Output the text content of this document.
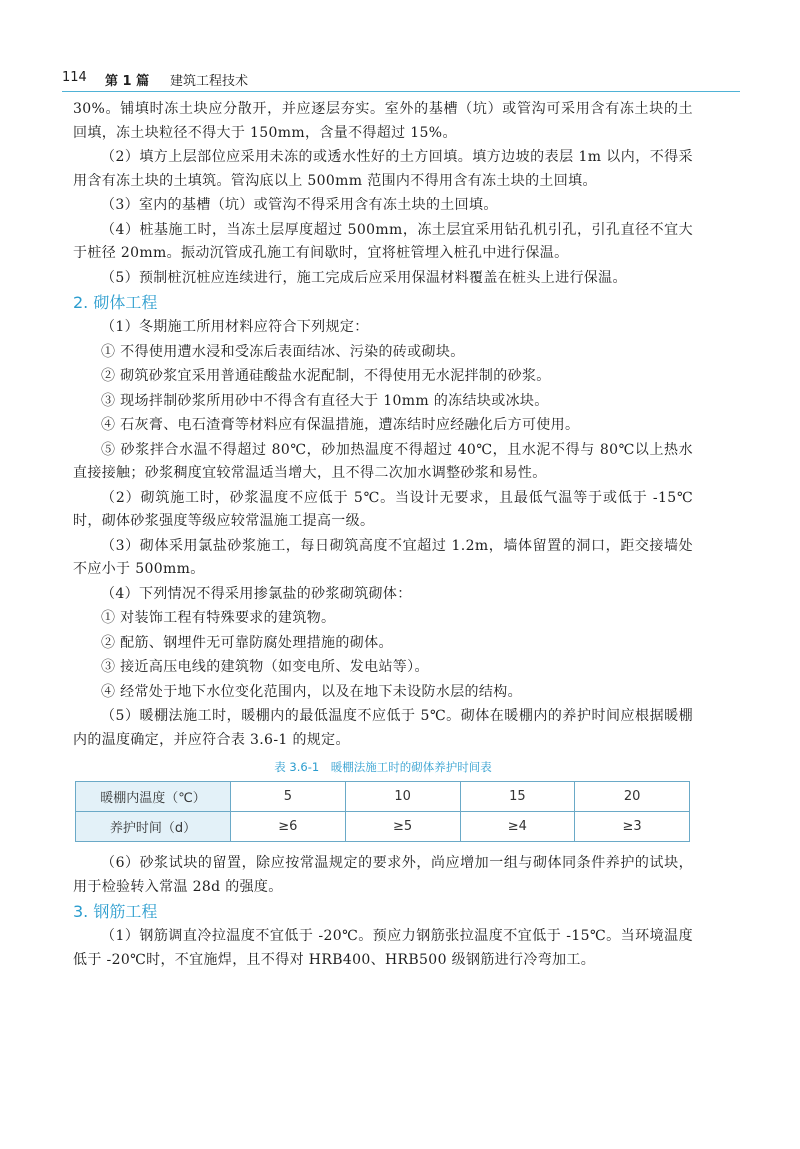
114 第 1 篇 建筑工程技术

30%。铺填时冻土块应分散开，并应逐层夯实。室外的基槽（坑）或管沟可采用含有冻土块的土回填，冻土块粒径不得大于 150mm，含量不得超过 15%。

（2）填方上层部位应采用未冻的或透水性好的土方回填。填方边坡的表层 1m 以内，不得采用含有冻土块的土填筑。管沟底以上 500mm 范围内不得用含有冻土块的土回填。

（3）室内的基槽（坑）或管沟不得采用含有冻土块的土回填。

（4）桩基施工时，当冻土层厚度超过 500mm，冻土层宜采用钻孔机引孔，引孔直径不宜大于桩径 20mm。振动沉管成孔施工有间歇时，宜将桩管埋入桩孔中进行保温。

（5）预制桩沉桩应连续进行，施工完成后应采用保温材料覆盖在桩头上进行保温。

2. 砌体工程

（1）冬期施工所用材料应符合下列规定：

① 不得使用遭水浸和受冻后表面结冰、污染的砖或砌块。

② 砌筑砂浆宜采用普通硅酸盐水泥配制，不得使用无水泥拌制的砂浆。

③ 现场拌制砂浆所用砂中不得含有直径大于 10mm 的冻结块或冰块。

④ 石灰膏、电石渣膏等材料应有保温措施，遭冻结时应经融化后方可使用。

⑤ 砂浆拌合水温不得超过 80℃，砂加热温度不得超过 40℃，且水泥不得与 80℃以上热水直接接触；砂浆稠度宜较常温适当增大，且不得二次加水调整砂浆和易性。

（2）砌筑施工时，砂浆温度不应低于 5℃。当设计无要求，且最低气温等于或低于 -15℃时，砌体砂浆强度等级应较常温施工提高一级。

（3）砌体采用氯盐砂浆施工，每日砌筑高度不宜超过 1.2m，墙体留置的洞口，距交接墙处不应小于 500mm。

（4）下列情况不得采用掺氯盐的砂浆砌筑砌体：

① 对装饰工程有特殊要求的建筑物。

② 配筋、钢埋件无可靠防腐处理措施的砌体。

③ 接近高压电线的建筑物（如变电所、发电站等）。

④ 经常处于地下水位变化范围内，以及在地下未设防水层的结构。

（5）暖棚法施工时，暖棚内的最低温度不应低于 5℃。砌体在暖棚内的养护时间应根据暖棚内的温度确定，并应符合表 3.6-1 的规定。

表 3.6-1　暖棚法施工时的砌体养护时间表
暖棚内温度（℃）	5	10	15	20
养护时间（d）	≥6	≥5	≥4	≥3

（6）砂浆试块的留置，除应按常温规定的要求外，尚应增加一组与砌体同条件养护的试块，用于检验转入常温 28d 的强度。

3. 钢筋工程

（1）钢筋调直冷拉温度不宜低于 -20℃。预应力钢筋张拉温度不宜低于 -15℃。当环境温度低于 -20℃时，不宜施焊，且不得对 HRB400、HRB500 级钢筋进行冷弯加工。
